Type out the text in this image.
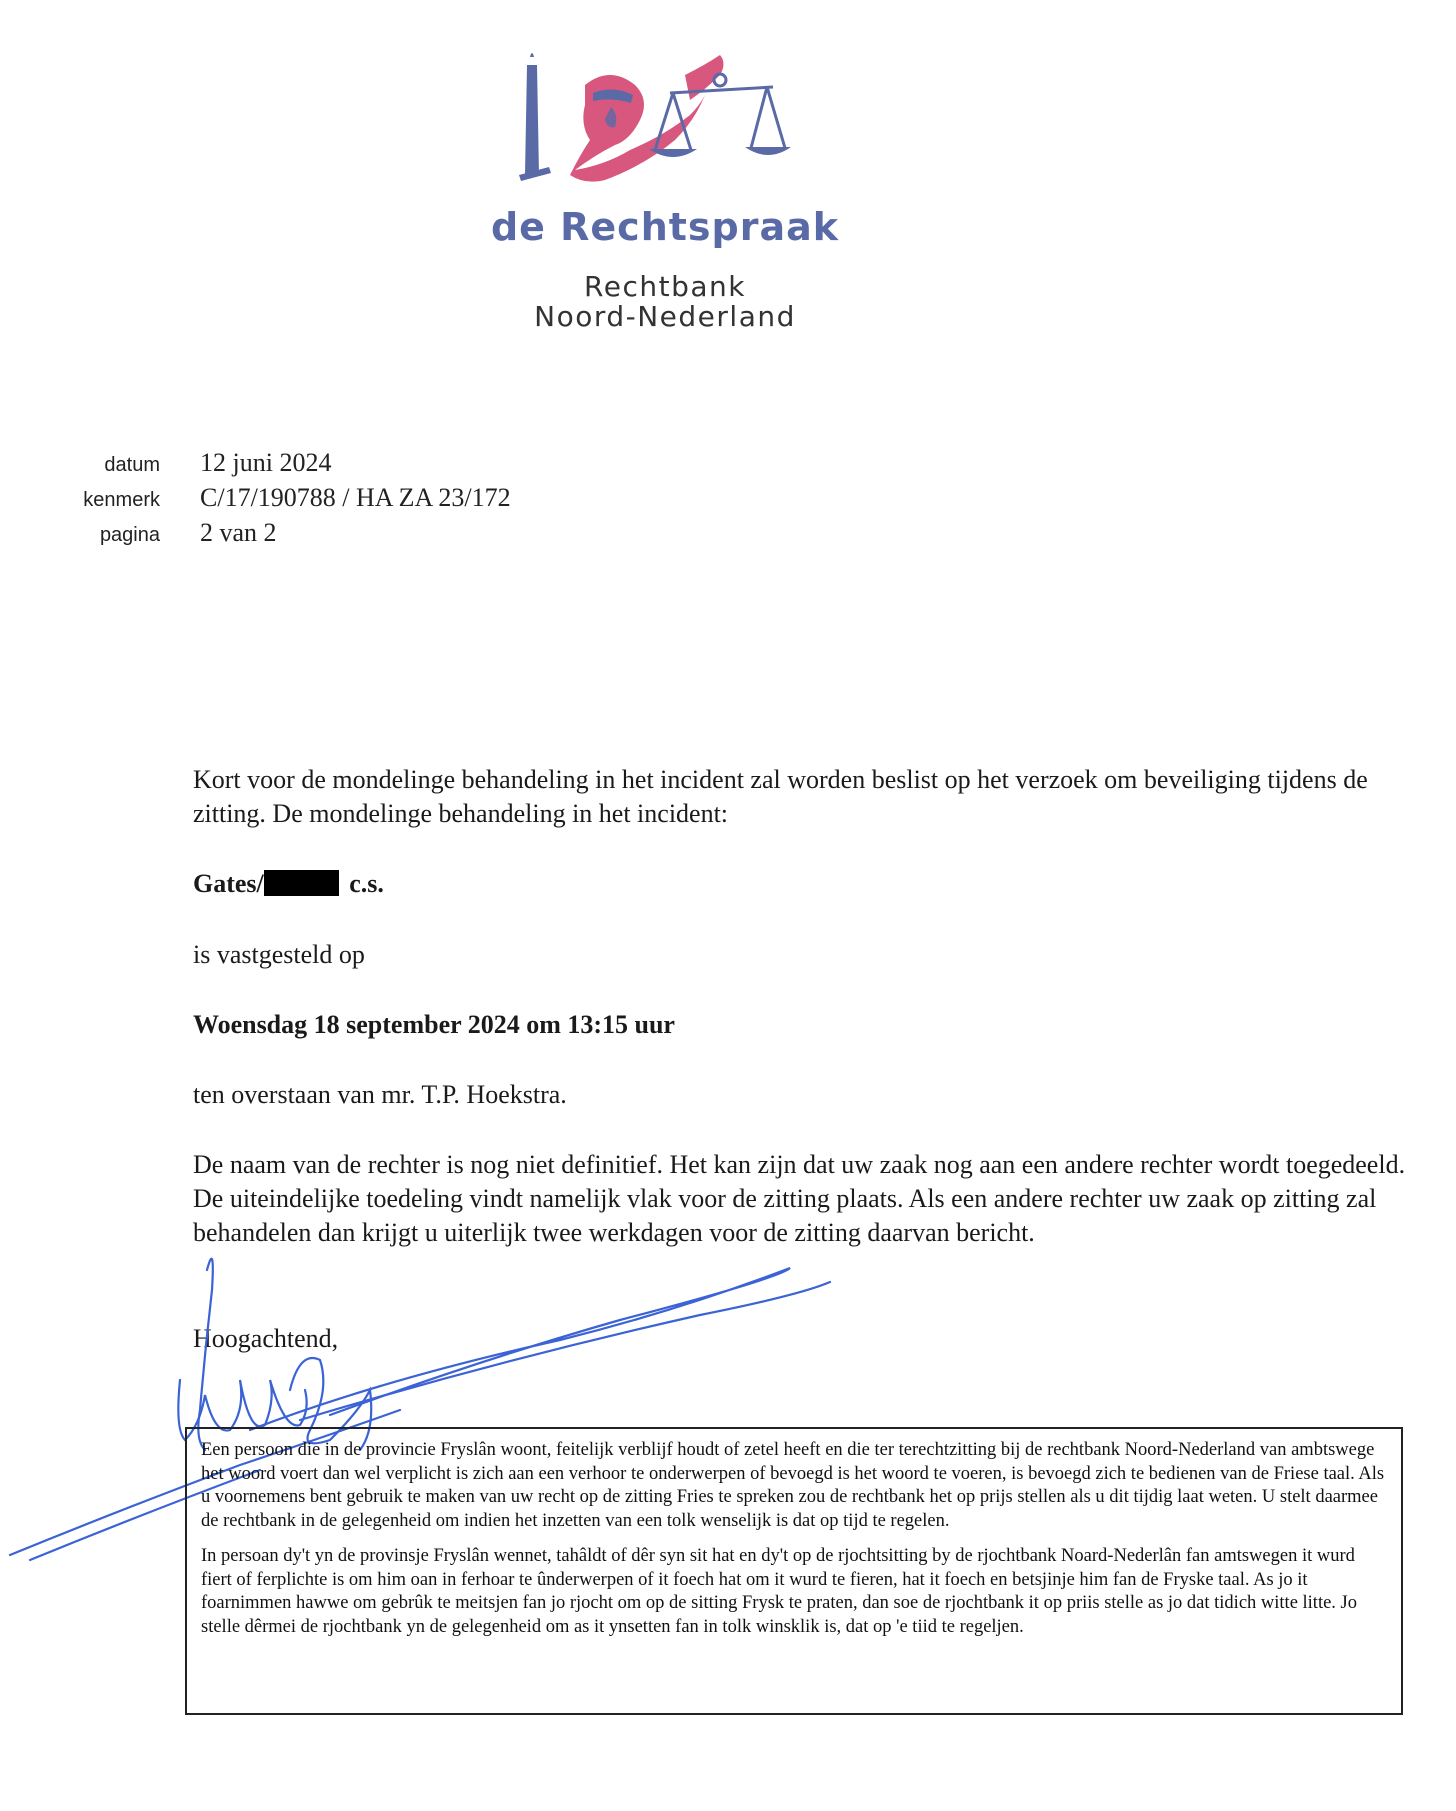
de Rechtspraak
Rechtbank
Noord-Nederland
datum 12 juni 2024
kenmerk C/17/190788 / HA ZA 23/172
pagina 2 van 2
Kort voor de mondelinge behandeling in het incident zal worden beslist op het verzoek om beveiliging tijdens de zitting. De mondelinge behandeling in het incident:
Gates/	c.s.
is vastgesteld op
Woensdag 18 september 2024 om 13:15 uur
ten overstaan van mr. T.P. Hoekstra.
De naam van de rechter is nog niet definitief. Het kan zijn dat uw zaak nog aan een andere rechter wordt toegedeeld. De uiteindelijke toedeling vindt namelijk vlak voor de zitting plaats. Als een andere rechter uw zaak op zitting zal behandelen dan krijgt u uiterlijk twee werkdagen voor de zitting daarvan bericht.
Hoogachtend,

Een persoon die in de provincie Fryslân woont, feitelijk verblijf houdt of zetel heeft en die ter terechtzitting bij de rechtbank Noord-Nederland van ambtswege het woord voert dan wel verplicht is zich aan een verhoor te onderwerpen of bevoegd is het woord te voeren, is bevoegd zich te bedienen van de Friese taal. Als u voornemens bent gebruik te maken van uw recht op de zitting Fries te spreken zou de rechtbank het op prijs stellen als u dit tijdig laat weten. U stelt daarmee de rechtbank in de gelegenheid om indien het inzetten van een tolk wenselijk is dat op tijd te regelen.

In persoan dy't yn de provinsje Fryslân wennet, tahâldt of dêr syn sit hat en dy't op de rjochtsitting by de rjochtbank Noard-Nederlân fan amtswegen it wurd fiert of ferplichte is om him oan in ferhoar te ûnderwerpen of it foech hat om it wurd te fieren, hat it foech en betsjinje him fan de Fryske taal. As jo it foarnimmen hawwe om gebrûk te meitsjen fan jo rjocht om op de sitting Frysk te praten, dan soe de rjochtbank it op priis stelle as jo dat tidich witte litte. Jo stelle dêrmei de rjochtbank yn de gelegenheid om as it ynsetten fan in tolk winsklik is, dat op 'e tiid te regeljen.
